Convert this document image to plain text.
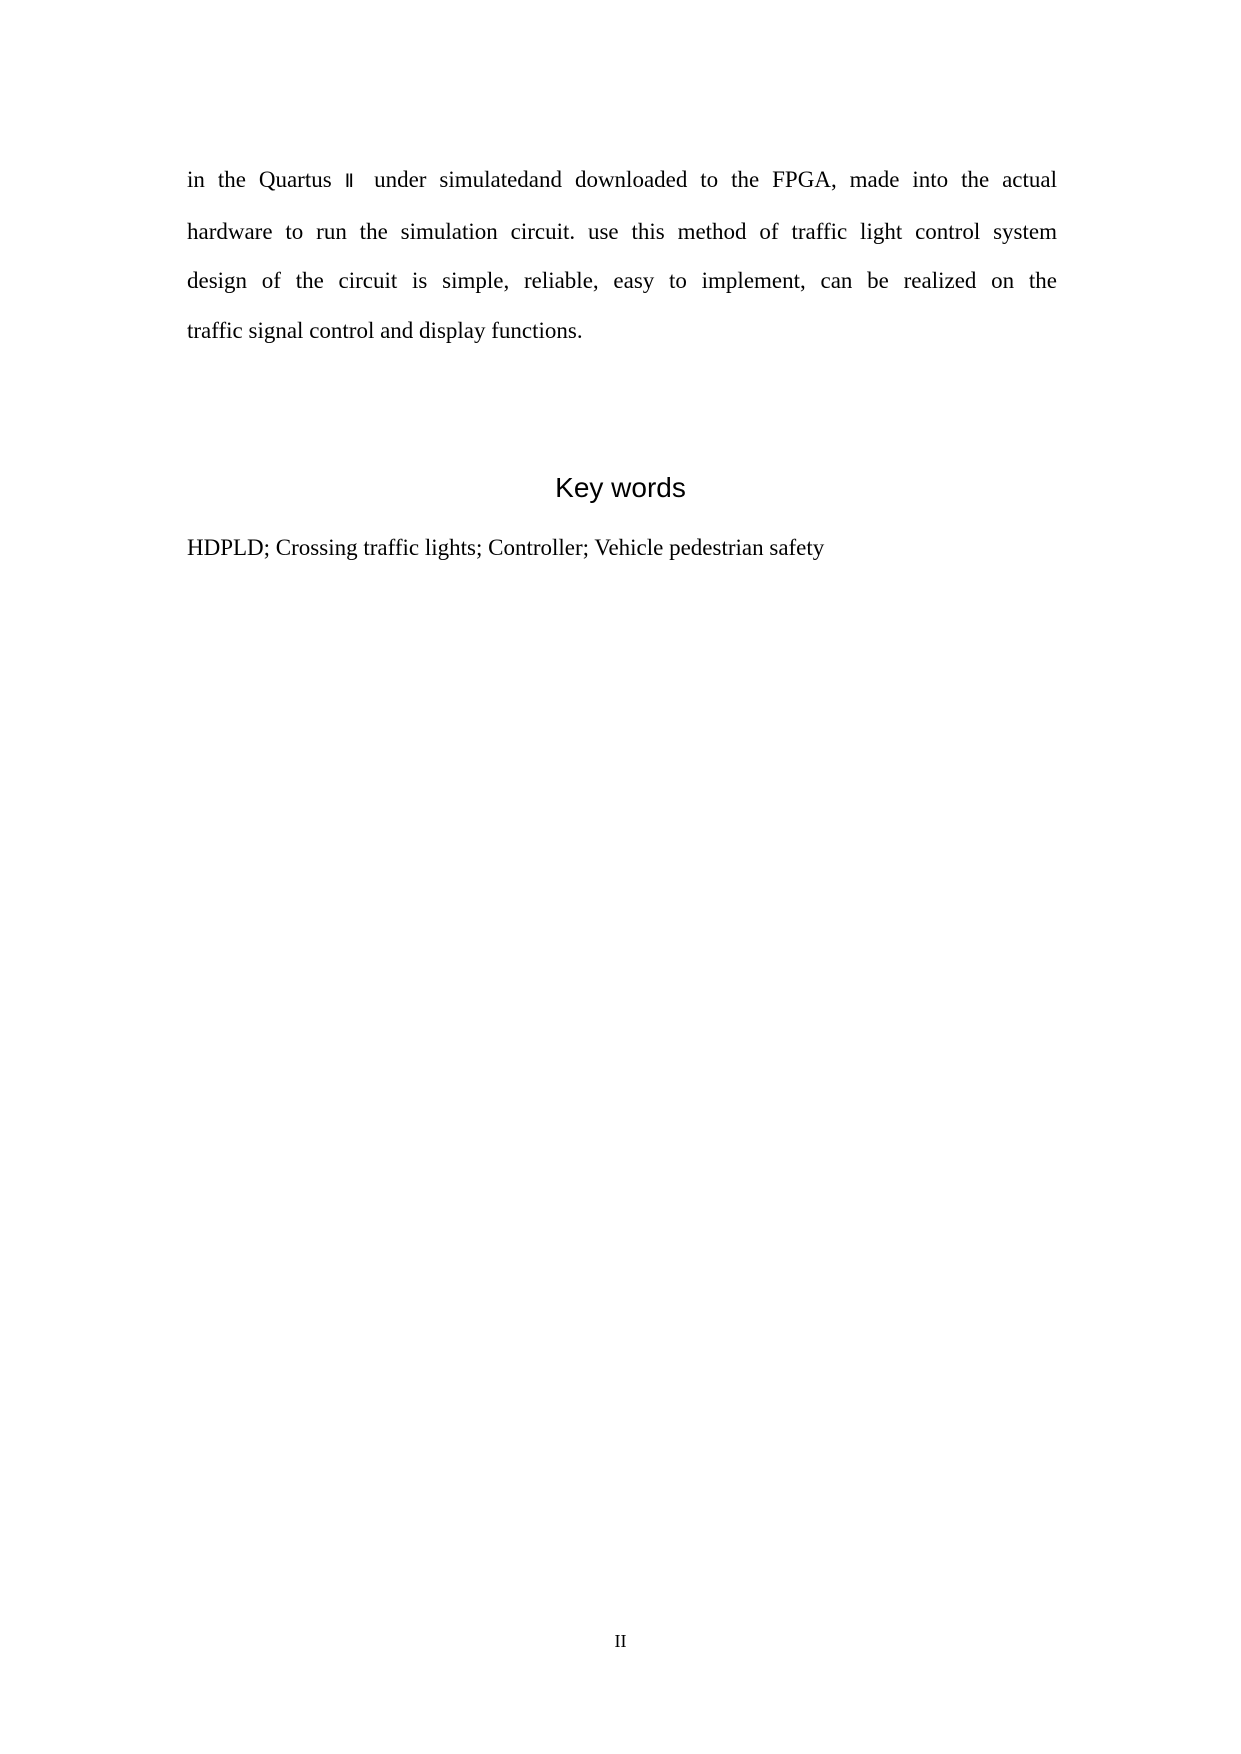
in the Quartus Ⅱ under simulatedand downloaded to the FPGA, made into the actual
hardware to run the simulation circuit. use this method of traffic light control system
design of the circuit is simple, reliable, easy to implement, can be realized on the
traffic signal control and display functions.
Key words

HDPLD; Crossing traffic lights; Controller; Vehicle pedestrian safety

II
